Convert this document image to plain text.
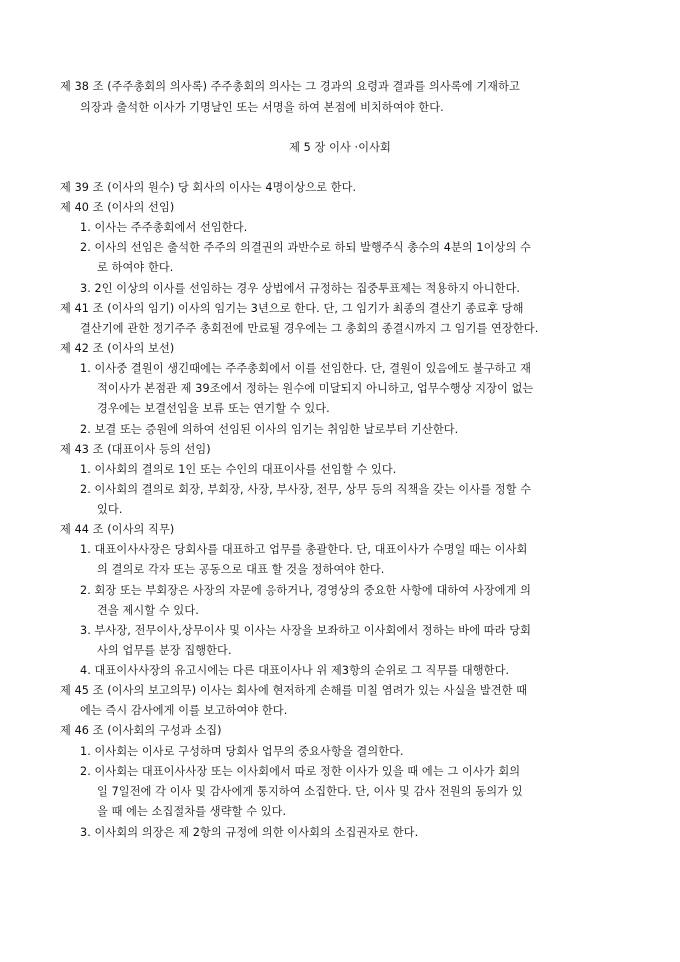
제 38 조 (주주총회의 의사록) 주주총회의 의사는 그 경과의 요령과 결과를 의사록에 기재하고
의장과 출석한 이사가 기명날인 또는 서명을 하여 본점에 비치하여야 한다.
제 5 장 이사 ·이사회
제 39 조 (이사의 원수) 당 회사의 이사는 4명이상으로 한다.
제 40 조 (이사의 선임)
1. 이사는 주주총회에서 선임한다.
2. 이사의 선임은 출석한 주주의 의결권의 과반수로 하되 발행주식 총수의 4분의 1이상의 수
로 하여야 한다.
3. 2인 이상의 이사를 선임하는 경우 상법에서 규정하는 집중투표제는 적용하지 아니한다.
제 41 조 (이사의 임기) 이사의 임기는 3년으로 한다. 단, 그 임기가 최종의 결산기 종료후 당해
결산기에 관한 정기주주 총회전에 만료될 경우에는 그 총회의 종결시까지 그 임기를 연장한다.
제 42 조 (이사의 보선)
1. 이사중 결원이 생긴때에는 주주총회에서 이를 선임한다. 단, 결원이 있음에도 불구하고 재
적이사가 본점관 제 39조에서 정하는 원수에 미달되지 아니하고, 업무수행상 지장이 없는
경우에는 보결선임을 보류 또는 연기할 수 있다.
2. 보결 또는 증원에 의하여 선임된 이사의 임기는 취임한 날로부터 기산한다.
제 43 조 (대표이사 등의 선임)
1. 이사회의 결의로 1인 또는 수인의 대표이사를 선임할 수 있다.
2. 이사회의 결의로 회장, 부회장, 사장, 부사장, 전무, 상무 등의 직책을 갖는 이사를 정할 수
있다.
제 44 조 (이사의 직무)
1. 대표이사사장은 당회사를 대표하고 업무를 총괄한다. 단, 대표이사가 수명일 때는 이사회
의 결의로 각자 또는 공동으로 대표 할 것을 정하여야 한다.
2. 회장 또는 부회장은 사장의 자문에 응하거나, 경영상의 중요한 사항에 대하여 사장에게 의
견을 제시할 수 있다.
3. 부사장, 전무이사,상무이사 및 이사는 사장을 보좌하고 이사회에서 정하는 바에 따라 당회
사의 업무를 분장 집행한다.
4. 대표이사사장의 유고시에는 다른 대표이사나 위 제3항의 순위로 그 직무를 대행한다.
제 45 조 (이사의 보고의무) 이사는 회사에 현저하게 손해를 미칠 염려가 있는 사실을 발견한 때
에는 즉시 감사에게 이를 보고하여야 한다.
제 46 조 (이사회의 구성과 소집)
1. 이사회는 이사로 구성하며 당회사 업무의 중요사항을 결의한다.
2. 이사회는 대표이사사장 또는 이사회에서 따로 정한 이사가 있을 때 에는 그 이사가 회의
일 7일전에 각 이사 및 감사에게 통지하여 소집한다. 단, 이사 및 감사 전원의 동의가 있
을 때 에는 소집절차를 생략할 수 있다.
3. 이사회의 의장은 제 2항의 규정에 의한 이사회의 소집권자로 한다.
